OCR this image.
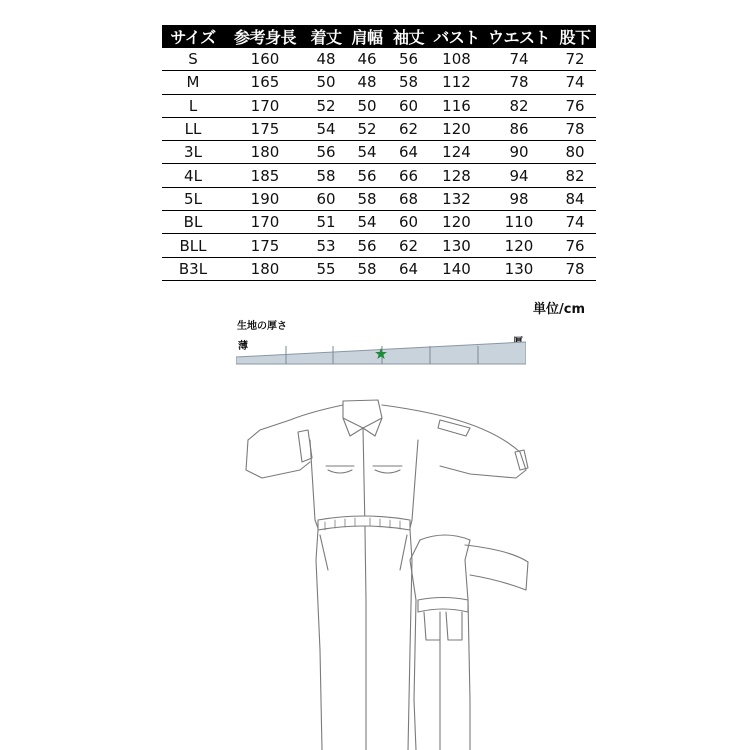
サイズ	参考身長	着丈	肩幅	袖丈	バスト	ウエスト	股下
S	160	48	46	56	108	74	72
M	165	50	48	58	112	78	74
L	170	52	50	60	116	82	76
LL	175	54	52	62	120	86	78
3L	180	56	54	64	124	90	80
4L	185	58	56	66	128	94	82
5L	190	60	58	68	132	98	84
BL	170	51	54	60	120	110	74
BLL	175	53	56	62	130	120	76
B3L	180	55	58	64	140	130	78
単位/cm
生地の厚さ
薄
